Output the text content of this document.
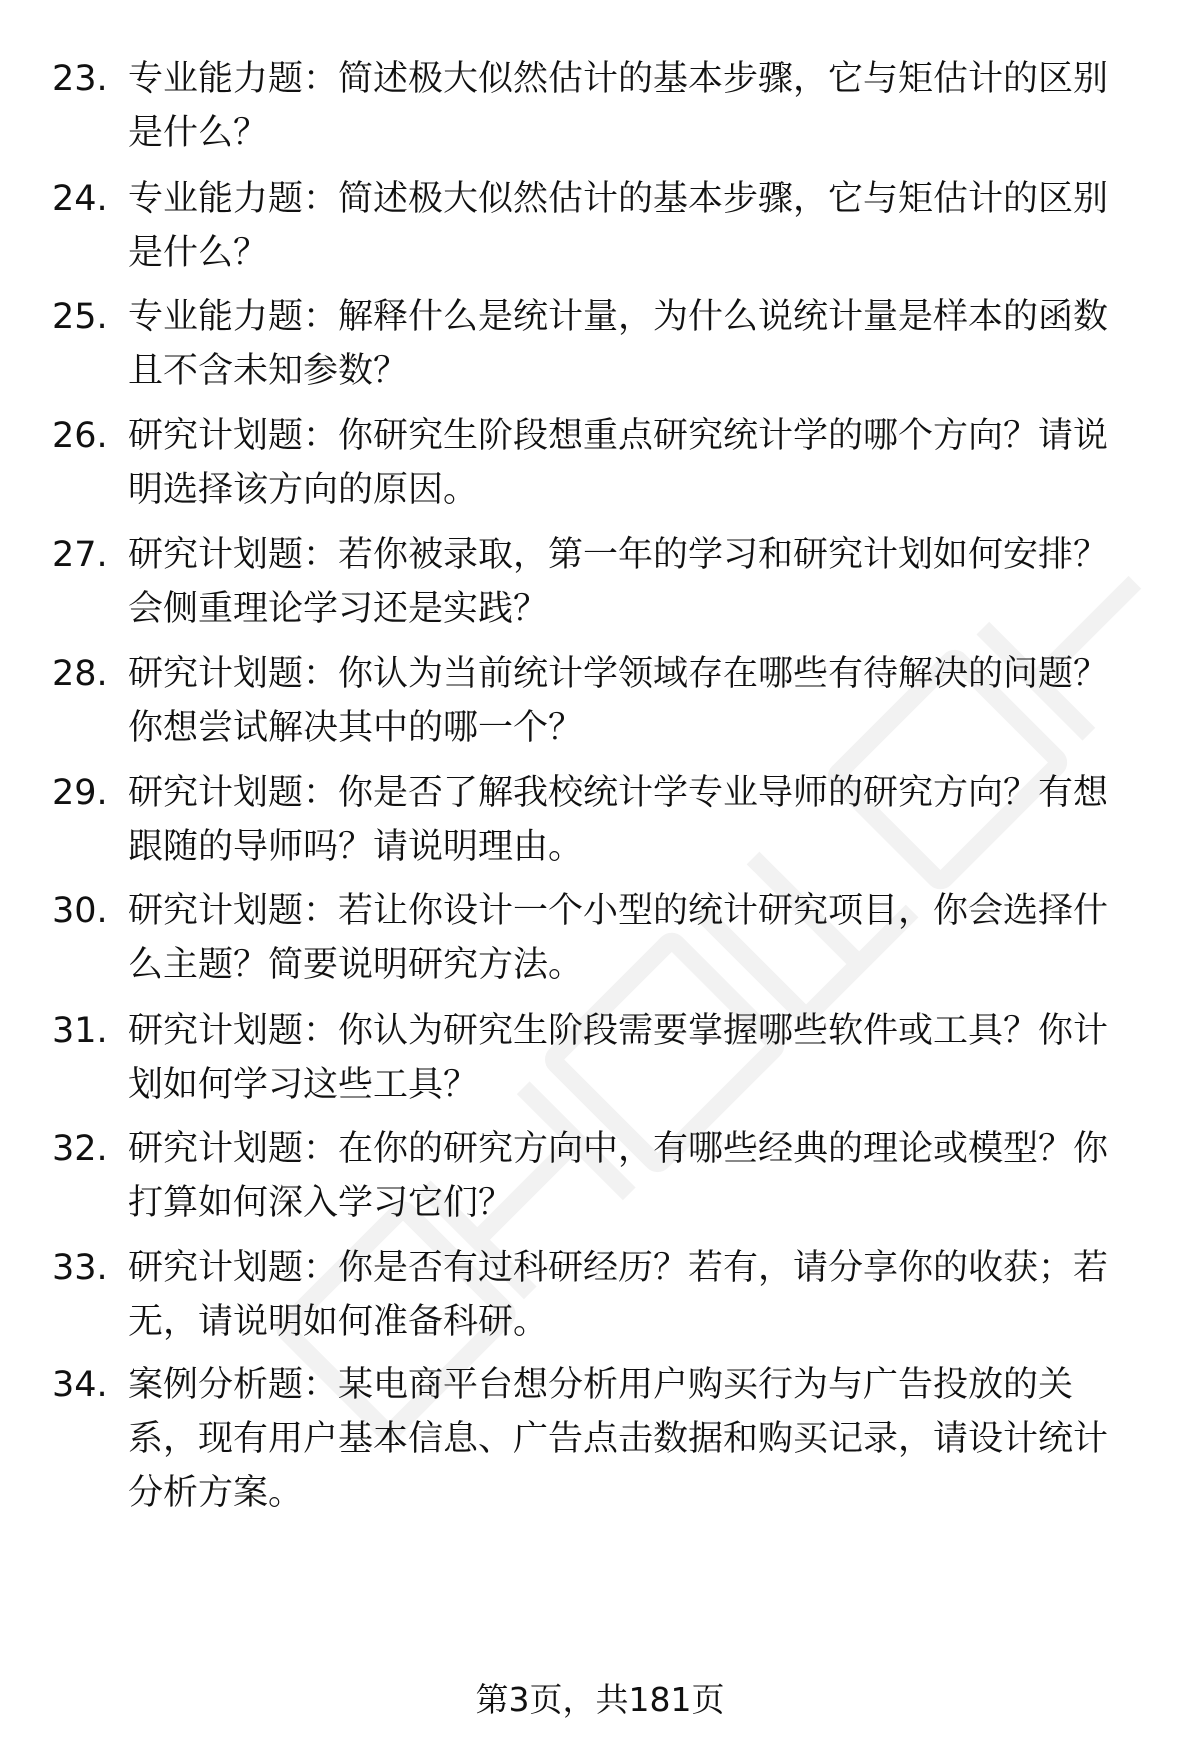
23. 专业能力题：简述极大似然估计的基本步骤，它与矩估计的区别
是什么？
24. 专业能力题：简述极大似然估计的基本步骤，它与矩估计的区别
是什么？
25. 专业能力题：解释什么是统计量，为什么说统计量是样本的函数
且不含未知参数？
26. 研究计划题：你研究生阶段想重点研究统计学的哪个方向？请说
明选择该方向的原因。
27. 研究计划题：若你被录取，第一年的学习和研究计划如何安排？
会侧重理论学习还是实践？
28. 研究计划题：你认为当前统计学领域存在哪些有待解决的问题？
你想尝试解决其中的哪一个？
29. 研究计划题：你是否了解我校统计学专业导师的研究方向？有想
跟随的导师吗？请说明理由。
30. 研究计划题：若让你设计一个小型的统计研究项目，你会选择什
么主题？简要说明研究方法。
31. 研究计划题：你认为研究生阶段需要掌握哪些软件或工具？你计
划如何学习这些工具？
32. 研究计划题：在你的研究方向中，有哪些经典的理论或模型？你
打算如何深入学习它们？
33. 研究计划题：你是否有过科研经历？若有，请分享你的收获；若
无，请说明如何准备科研。
34. 案例分析题：某电商平台想分析用户购买行为与广告投放的关
系，现有用户基本信息、广告点击数据和购买记录，请设计统计
分析方案。
第3页，共181页
